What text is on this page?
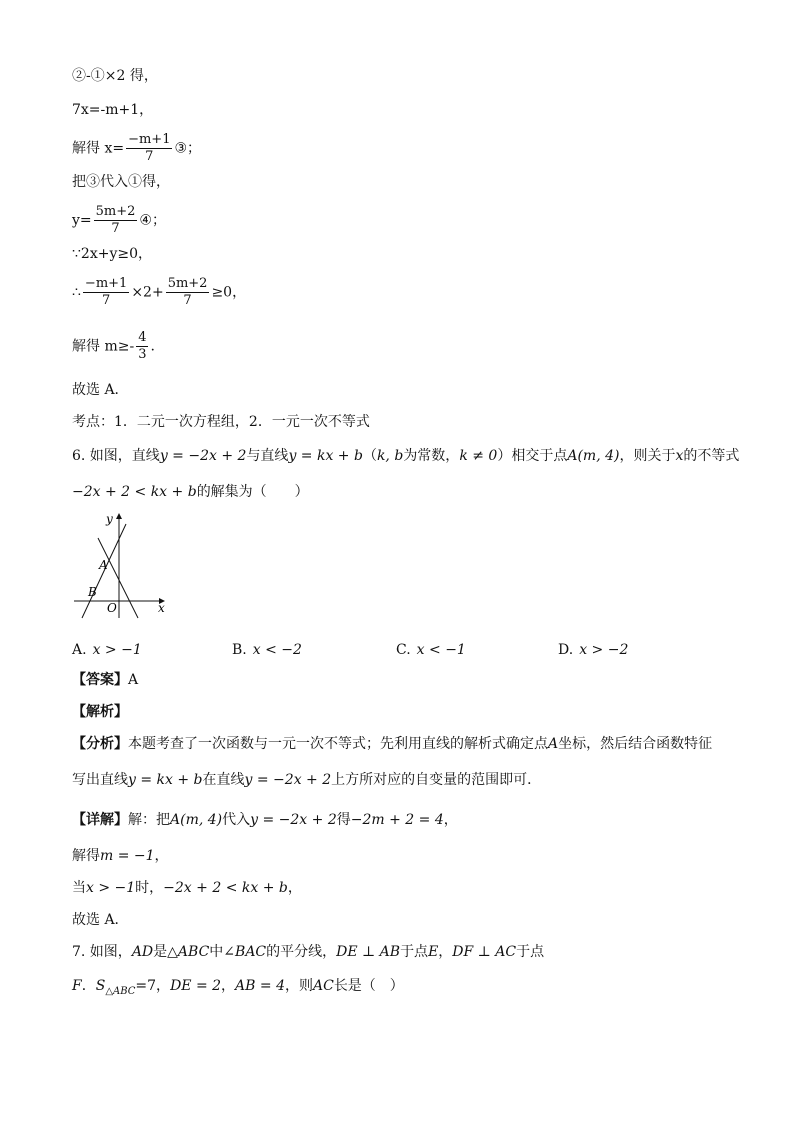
②-①×2 得，
7x=-m+1，
解得 $x= \frac{-m+1}{7}$ ③；
把③代入①得，
$y= \frac{5m+2}{7}$ ④；
∵2x+y≥0，
∴ $\frac{-m+1}{7} \times 2+ \frac{5m+2}{7} \ge 0$，
解得 $m\ge- \frac{4}{3}$ .
故选 A．
考点：1．二元一次方程组，2．一元一次不等式
6. 如图，直线y = −2x + 2与直线y = kx + b（k, b为常数，k ≠ 0）相交于点A(m, 4)，则关于x的不等式
−2x + 2 < kx + b的解集为（　　）
y
x
A
B
O
A. x > −1	B. x < −2	C. x < −1	D. x > −2
【答案】A
【解析】
【分析】本题考查了一次函数与一元一次不等式；先利用直线的解析式确定点A坐标，然后结合函数特征
写出直线y = kx + b在直线y = −2x + 2上方所对应的自变量的范围即可．
【详解】解：把A(m, 4)代入y = −2x + 2得−2m + 2 = 4，
解得m = −1，
当x > −1时，−2x + 2 < kx + b，
故选 A．
7. 如图，AD是△ABC中∠BAC的平分线，DE ⊥ AB于点E，DF ⊥ AC于点
F．$S_{\triangle ABC}=7$，DE = 2，AB = 4，则AC长是（　）
